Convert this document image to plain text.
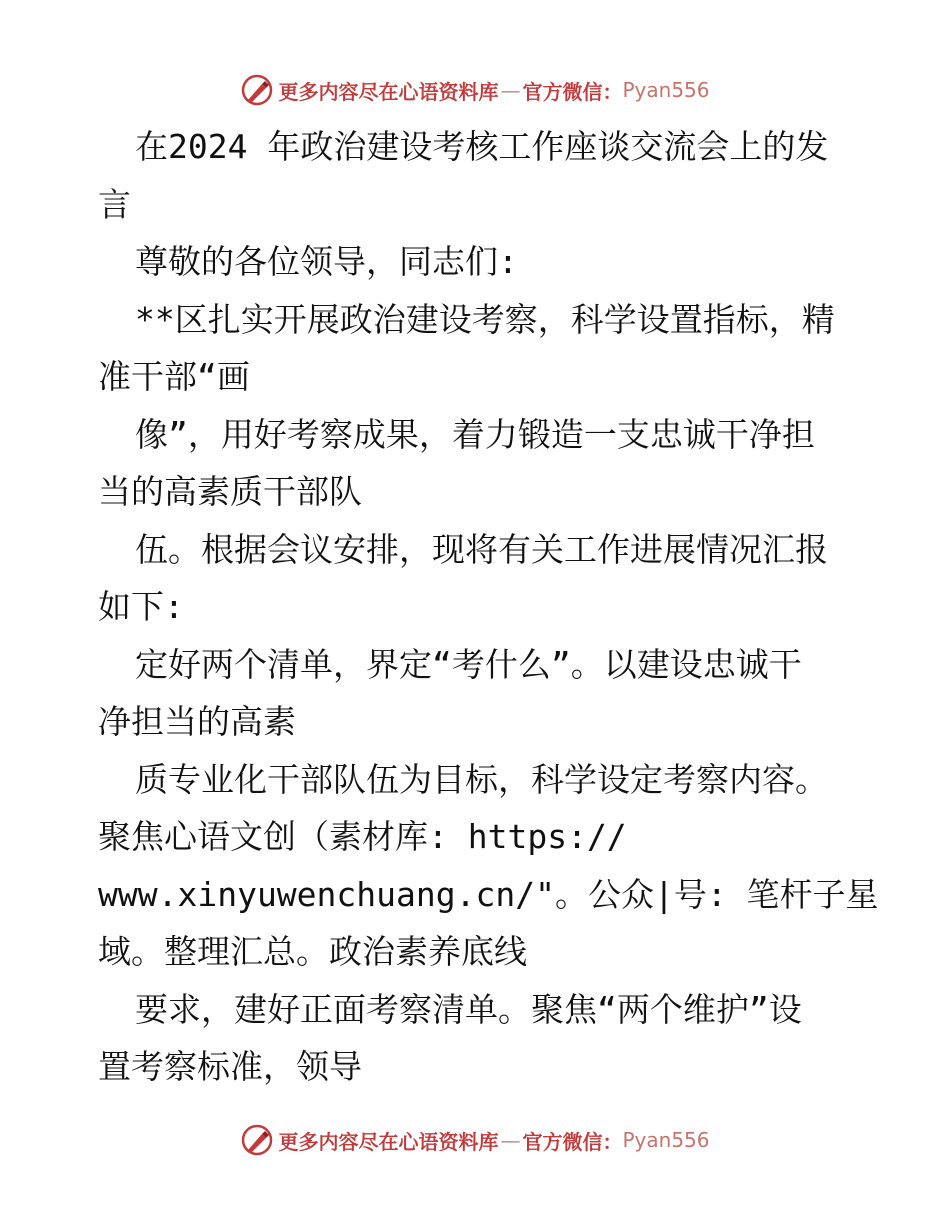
更多内容尽在心语资料库 — 官方微信： Pyan556
在2024 年政治建设考核工作座谈交流会上的发
言
尊敬的各位领导，同志们:
**区扎实开展政治建设考察，科学设置指标，精
准干部“画
像”，用好考察成果，着力锻造一支忠诚干净担
当的高素质干部队
伍。根据会议安排，现将有关工作进展情况汇报
如下:
定好两个清单，界定“考什么”。以建设忠诚干
净担当的高素
质专业化干部队伍为目标，科学设定考察内容。
聚焦心语文创（素材库: https://
www.xinyuwenchuang.cn/"。公众|号: 笔杆子星
域。整理汇总。政治素养底线
要求，建好正面考察清单。聚焦“两个维护”设
置考察标准，领导
更多内容尽在心语资料库 — 官方微信： Pyan556
